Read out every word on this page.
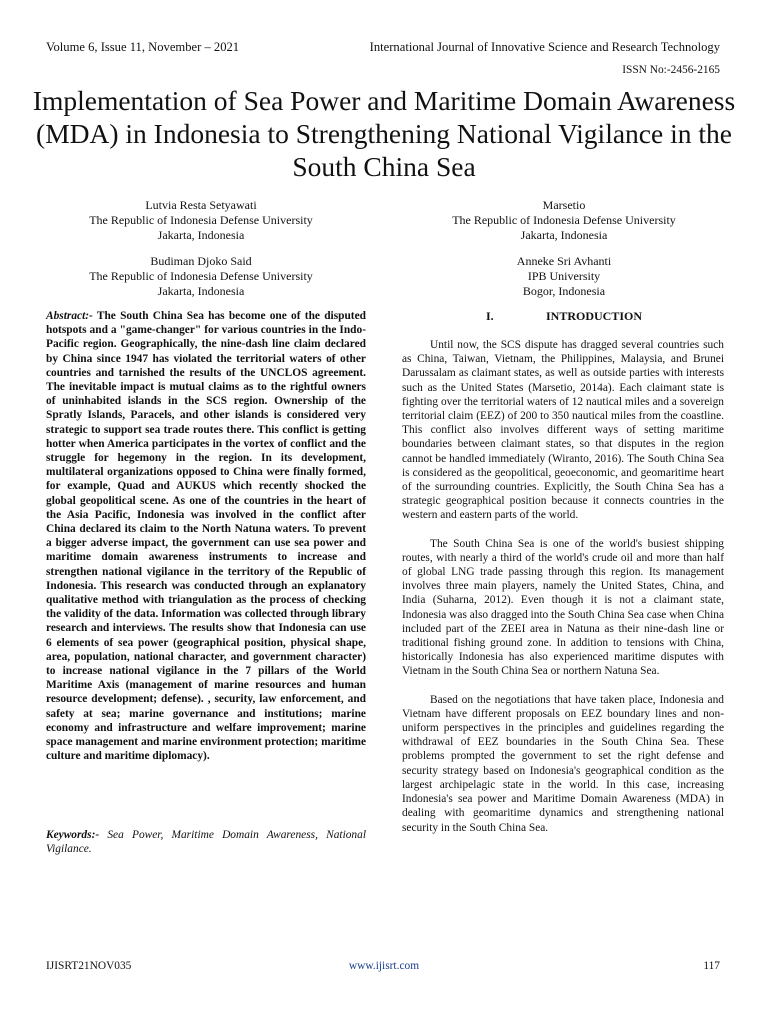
Volume 6, Issue 11, November – 2021	International Journal of Innovative Science and Research Technology
ISSN No:-2456-2165
Implementation of Sea Power and Maritime Domain Awareness (MDA) in Indonesia to Strengthening National Vigilance in the South China Sea
Lutvia Resta Setyawati
The Republic of Indonesia Defense University
Jakarta, Indonesia
Marsetio
The Republic of Indonesia Defense University
Jakarta, Indonesia
Budiman Djoko Said
The Republic of Indonesia Defense University
Jakarta, Indonesia
Anneke Sri Avhanti
IPB University
Bogor, Indonesia
Abstract:- The South China Sea has become one of the disputed hotspots and a "game-changer" for various countries in the Indo-Pacific region. Geographically, the nine-dash line claim declared by China since 1947 has violated the territorial waters of other countries and tarnished the results of the UNCLOS agreement. The inevitable impact is mutual claims as to the rightful owners of uninhabited islands in the SCS region. Ownership of the Spratly Islands, Paracels, and other islands is considered very strategic to support sea trade routes there. This conflict is getting hotter when America participates in the vortex of conflict and the struggle for hegemony in the region. In its development, multilateral organizations opposed to China were finally formed, for example, Quad and AUKUS which recently shocked the global geopolitical scene. As one of the countries in the heart of the Asia Pacific, Indonesia was involved in the conflict after China declared its claim to the North Natuna waters. To prevent a bigger adverse impact, the government can use sea power and maritime domain awareness instruments to increase and strengthen national vigilance in the territory of the Republic of Indonesia. This research was conducted through an explanatory qualitative method with triangulation as the process of checking the validity of the data. Information was collected through library research and interviews. The results show that Indonesia can use 6 elements of sea power (geographical position, physical shape, area, population, national character, and government character) to increase national vigilance in the 7 pillars of the World Maritime Axis (management of marine resources and human resource development; defense). , security, law enforcement, and safety at sea; marine governance and institutions; marine economy and infrastructure and welfare improvement; marine space management and marine environment protection; maritime culture and maritime diplomacy).
Keywords:- Sea Power, Maritime Domain Awareness, National Vigilance.
I.	INTRODUCTION

Until now, the SCS dispute has dragged several countries such as China, Taiwan, Vietnam, the Philippines, Malaysia, and Brunei Darussalam as claimant states, as well as outside parties with interests such as the United States (Marsetio, 2014a). Each claimant state is fighting over the territorial waters of 12 nautical miles and a sovereign territorial claim (EEZ) of 200 to 350 nautical miles from the coastline. This conflict also involves different ways of setting maritime boundaries between claimant states, so that disputes in the region cannot be handled immediately (Wiranto, 2016). The South China Sea is considered as the geopolitical, geoeconomic, and geomaritime heart of the surrounding countries. Explicitly, the South China Sea has a strategic geographical position because it connects countries in the western and eastern parts of the world.

The South China Sea is one of the world's busiest shipping routes, with nearly a third of the world's crude oil and more than half of global LNG trade passing through this region. Its management involves three main players, namely the United States, China, and India (Suharna, 2012). Even though it is not a claimant state, Indonesia was also dragged into the South China Sea case when China included part of the ZEEI area in Natuna as their nine-dash line or traditional fishing ground zone. In addition to tensions with China, historically Indonesia has also experienced maritime disputes with Vietnam in the South China Sea or northern Natuna Sea.

Based on the negotiations that have taken place, Indonesia and Vietnam have different proposals on EEZ boundary lines and non-uniform perspectives in the principles and guidelines regarding the withdrawal of EEZ boundaries in the South China Sea. These problems prompted the government to set the right defense and security strategy based on Indonesia's geographical condition as the largest archipelagic state in the world. In this case, increasing Indonesia's sea power and Maritime Domain Awareness (MDA) in dealing with geomaritime dynamics and strengthening national security in the South China Sea.

IJISRT21NOV035	www.ijisrt.com	117
